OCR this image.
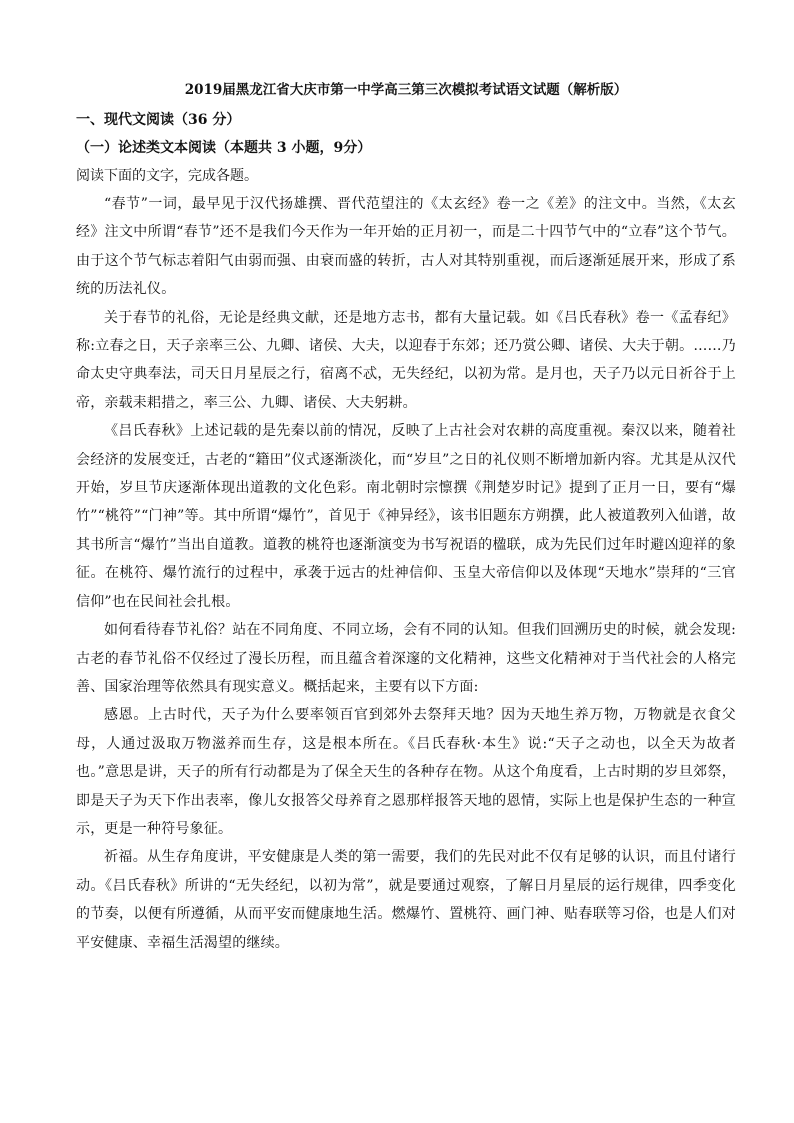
2019届黑龙江省大庆市第一中学高三第三次模拟考试语文试题（解析版）
一、现代文阅读（36 分）
（一）论述类文本阅读（本题共 3 小题，9分）
阅读下面的文字，完成各题。

“春节”一词，最早见于汉代扬雄撰、晋代范望注的《太玄经》卷一之《差》的注文中。当然，《太玄经》注文中所谓“春节”还不是我们今天作为一年开始的正月初一，而是二十四节气中的“立春”这个节气。由于这个节气标志着阳气由弱而强、由衰而盛的转折，古人对其特别重视，而后逐渐延展开来，形成了系统的历法礼仪。

关于春节的礼俗，无论是经典文献，还是地方志书，都有大量记载。如《吕氏春秋》卷一《孟春纪》称:立春之日，天子亲率三公、九卿、诸侯、大夫，以迎春于东郊；还乃赏公卿、诸侯、大夫于朝。……乃命太史守典奉法，司天日月星辰之行，宿离不忒，无失经纪，以初为常。是月也，天子乃以元日祈谷于上帝，亲载耒耜措之，率三公、九卿、诸侯、大夫躬耕。

《吕氏春秋》上述记载的是先秦以前的情况，反映了上古社会对农耕的高度重视。秦汉以来，随着社会经济的发展变迁，古老的“籍田”仪式逐渐淡化，而“岁旦”之日的礼仪则不断增加新内容。尤其是从汉代开始，岁旦节庆逐渐体现出道教的文化色彩。南北朝时宗懔撰《荆楚岁时记》提到了正月一日，要有“爆竹”“桃符”“门神”等。其中所谓“爆竹”，首见于《神异经》，该书旧题东方朔撰，此人被道教列入仙谱，故其书所言“爆竹”当出自道教。道教的桃符也逐渐演变为书写祝语的楹联，成为先民们过年时避凶迎祥的象征。在桃符、爆竹流行的过程中，承袭于远古的灶神信仰、玉皇大帝信仰以及体现“天地水”崇拜的“三官信仰”也在民间社会扎根。

如何看待春节礼俗？站在不同角度、不同立场，会有不同的认知。但我们回溯历史的时候，就会发现:古老的春节礼俗不仅经过了漫长历程，而且蕴含着深邃的文化精神，这些文化精神对于当代社会的人格完善、国家治理等依然具有现实意义。概括起来，主要有以下方面:

感恩。上古时代，天子为什么要率领百官到郊外去祭拜天地？因为天地生养万物，万物就是衣食父母，人通过汲取万物滋养而生存，这是根本所在。《吕氏春秋·本生》说:“天子之动也，以全天为故者也。”意思是讲，天子的所有行动都是为了保全天生的各种存在物。从这个角度看，上古时期的岁旦郊祭，即是天子为天下作出表率，像儿女报答父母养育之恩那样报答天地的恩情，实际上也是保护生态的一种宣示，更是一种符号象征。

祈福。从生存角度讲，平安健康是人类的第一需要，我们的先民对此不仅有足够的认识，而且付诸行动。《吕氏春秋》所讲的“无失经纪，以初为常”，就是要通过观察，了解日月星辰的运行规律，四季变化的节奏，以便有所遵循，从而平安而健康地生活。燃爆竹、置桃符、画门神、贴春联等习俗，也是人们对平安健康、幸福生活渴望的继续。
